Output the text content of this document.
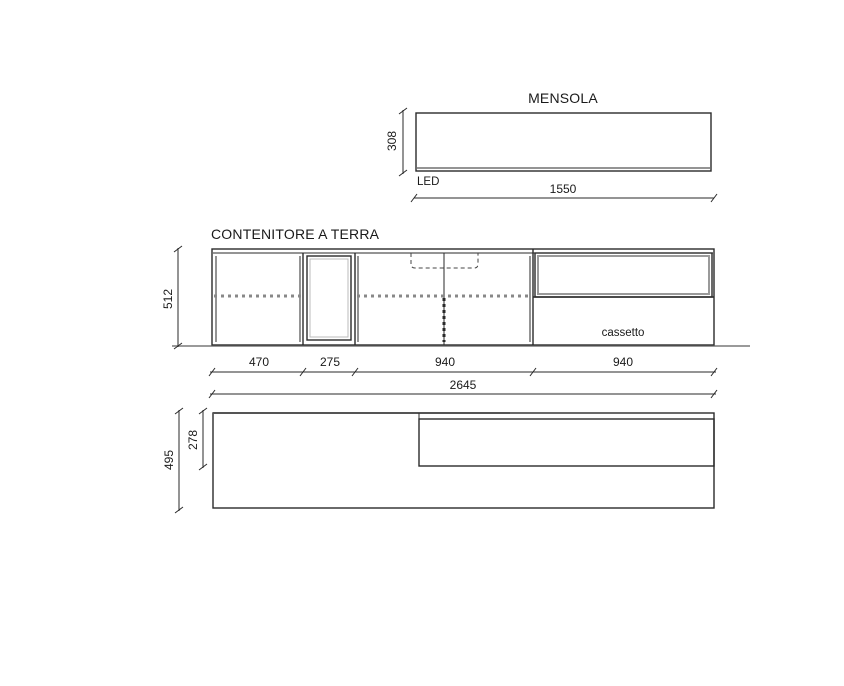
MENSOLA
308
LED	1550
CONTENITORE A TERRA
cassetto
512
470	275	940	940
2645
495
278
